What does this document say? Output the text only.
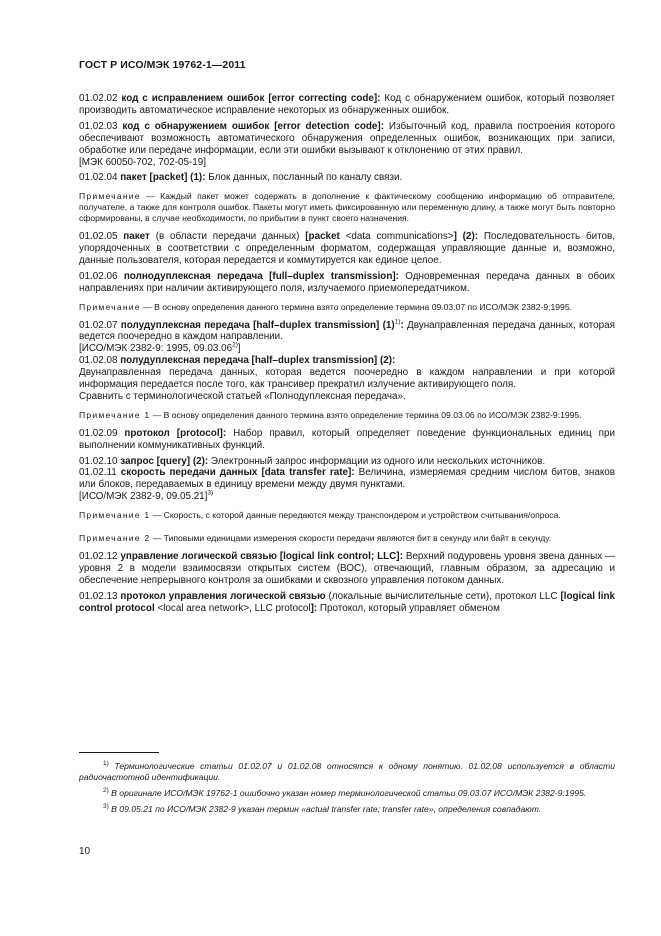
ГОСТ Р ИСО/МЭК 19762-1—2011

01.02.02 код с исправлением ошибок [error correcting code]: Код с обнаружением ошибок, который позволяет производить автоматическое исправление некоторых из обнаруженных ошибок.

01.02.03 код с обнаружением ошибок [error detection code]: Избыточный код, правила построения которого обеспечивают возможность автоматического обнаружения определенных ошибок, возникающих при записи, обработке или передаче информации, если эти ошибки вызывают к отклонению от этих правил.

[МЭК 60050-702, 702-05-19]

01.02.04 пакет [packet] (1): Блок данных, посланный по каналу связи.

Примечание — Каждый пакет может содержать в дополнение к фактическому сообщению информацию об отправителе, получателе, а также для контроля ошибок. Пакеты могут иметь фиксированную или переменную длину, а также могут быть повторно сформированы, в случае необходимости, по прибытии в пункт своего назначения.

01.02.05 пакет (в области передачи данных) [packet <data communications>] (2): Последовательность битов, упорядоченных в соответствии с определенным форматом, содержащая управляющие данные и, возможно, данные пользователя, которая передается и коммутируется как единое целое.

01.02.06 полнодуплексная передача [full–duplex transmission]: Одновременная передача данных в обоих направлениях при наличии активирующего поля, излучаемого приемопередатчиком.

Примечание — В основу определения данного термина взято определение термина 09.03.07 по ИСО/МЭК 2382-9:1995.

01.02.07 полудуплексная передача [half–duplex transmission] $(1)^{1)}$: Двунаправленная передача данных, которая ведется поочередно в каждом направлении.

[ИСО/МЭК 2382-9: 1995, 09.03.06$^{2)}$]

01.02.08 полудуплексная передача [half–duplex transmission] (2):

Двунаправленная передача данных, которая ведется поочередно в каждом направлении и при которой информация передается после того, как трансивер прекратил излучение активирующего поля.

Сравнить с терминологической статьей «Полнодуплексная передача».

Примечание 1 — В основу определения данного термина взято определение термина 09.03.06 по ИСО/МЭК 2382-9:1995.

01.02.09 протокол [protocol]: Набор правил, который определяет поведение функциональных единиц при выполнении коммуникативных функций.

01.02.10 запрос [query] (2): Электронный запрос информации из одного или нескольких источников.

01.02.11 скорость передачи данных [data transfer rate]: Величина, измеряемая средним числом битов, знаков или блоков, передаваемых в единицу времени между двумя пунктами.

[ИСО/МЭК 2382-9, 09.05.21]$^{3)}$

Примечание 1 — Скорость, с которой данные передаются между транспондером и устройством считывания/опроса.

Примечание 2 — Типовыми единицами измерения скорости передачи являются бит в секунду или байт в секунду.

01.02.12 управление логической связью [logical link control; LLC]: Верхний подуровень уровня звена данных — уровня 2 в модели взаимосвязи открытых систем (ВОС), отвечающий, главным образом, за адресацию и обеспечение непрерывного контроля за ошибками и сквозного управления потоком данных.

01.02.13 протокол управления логической связью (локальные вычислительные сети), протокол LLC [logical link control protocol <local area network>, LLC protocol]: Протокол, который управляет обменом

$^{1)}$ Терминологические статьи 01.02.07 и 01.02.08 относятся к одному понятию. 01.02.08 используется в области радиочастотной идентификации.

$^{2)}$ В оригинале ИСО/МЭК 19762-1 ошибочно указан номер терминологической статьи 09.03.07 ИСО/МЭК 2382-9:1995.

$^{3)}$ В 09.05.21 по ИСО/МЭК 2382-9 указан термин «actual transfer rate; transfer rate», определения совпадают.

10
